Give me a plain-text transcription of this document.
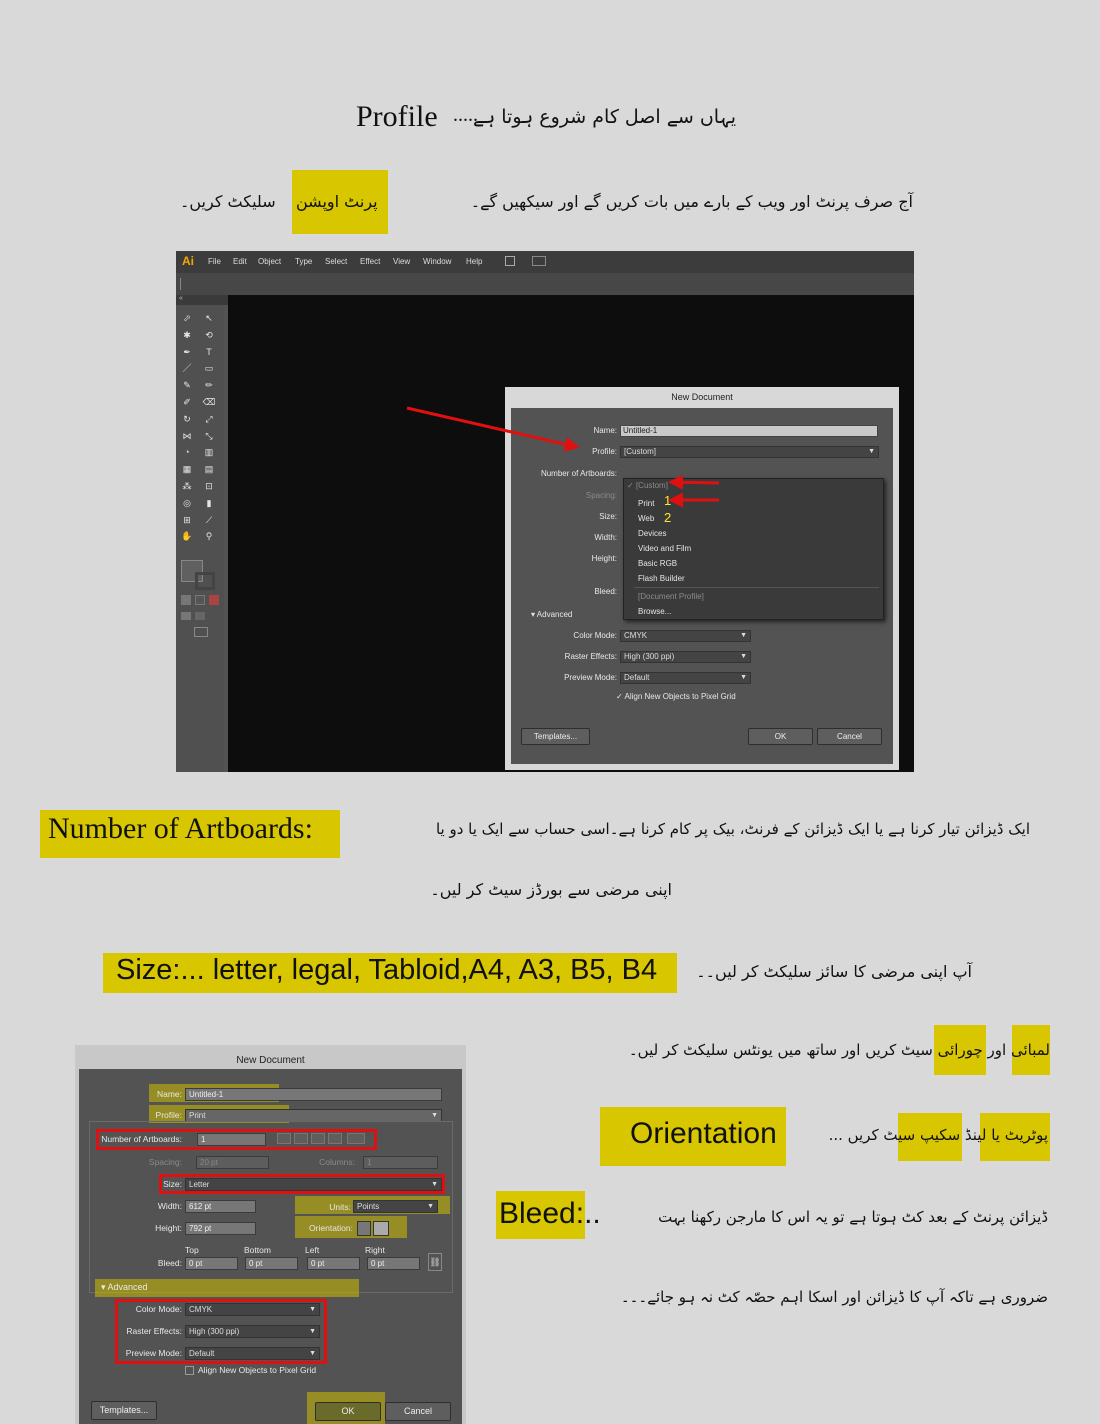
Profile .....
یہاں سے اصل کام شروع ہوتا ہے
آج صرف پرنٹ اور ویب کے بارے میں بات کریں گے اور سیکھیں گے۔
پرنٹ اوپشن
سلیکٹ کریں۔
Ai File Edit Object Type Select Effect View Window Help
«
⬀	↖
✱	⟲
✒	T
／	▭
✎	✏
✐	⌫
↻	⤢
⋈	⤡
◔	▥
▦	▤
⁂	⊡
◎	▮
⊞	⟋
✋	⚲
New Document
Name: Untitled-1
Profile: [Custom]	▼
Number of Artboards:
Spacing:
Size:
Width:
Height:
Bleed:
▾ Advanced
Color Mode: CMYK	▼
Raster Effects: High (300 ppi)	▼
Preview Mode: Default	▼
✓ Align New Objects to Pixel Grid
Templates...	OK	Cancel
✓ [Custom]
Print
Web
Devices
Video and Film
Basic RGB
Flash Builder
[Document Profile]
Browse...
1
2
Number of Artboards:	ایک ڈیزائن تیار کرنا ہے یا ایک ڈیزائن کے فرنٹ، بیک پر کام کرنا ہے۔اسی حساب سے ایک یا دو یا
اپنی مرضی سے بورڈز سیٹ کر لیں۔
Size:... letter, legal, Tabloid,A4, A3, B5, B4 آپ اپنی مرضی کا سائز سلیکٹ کر لیں۔۔
لمبائی اور چورائی سیٹ کریں اور ساتھ میں یونٹس سلیکٹ کر لیں۔
Orientation	پوٹریٹ یا لینڈ سکیپ سیٹ کریں ...
Bleed:..	ڈیزائن پرنٹ کے بعد کٹ ہوتا ہے تو یہ اس کا مارجن رکھنا بہت
ضروری ہے تاکہ آپ کا ڈیزائن اور اسکا اہم حصّہ کٹ نہ ہو جائے۔۔۔
New Document
Name: Untitled-1
Profile: Print	▼
Number of Artboards:	1
Spacing:	20 pt	Columns:	1
Size: Letter	▼
Width: 612 pt	Units: Points	▼
Height: 792 pt	Orientation:
Top	Bottom	Left	Right
Bleed: 0 pt	0 pt	0 pt	0 pt	⛓
▾ Advanced
Color Mode: CMYK	▼
Raster Effects: High (300 ppi)	▼
Preview Mode: Default	▼
Align New Objects to Pixel Grid
Templates...	OK	Cancel
